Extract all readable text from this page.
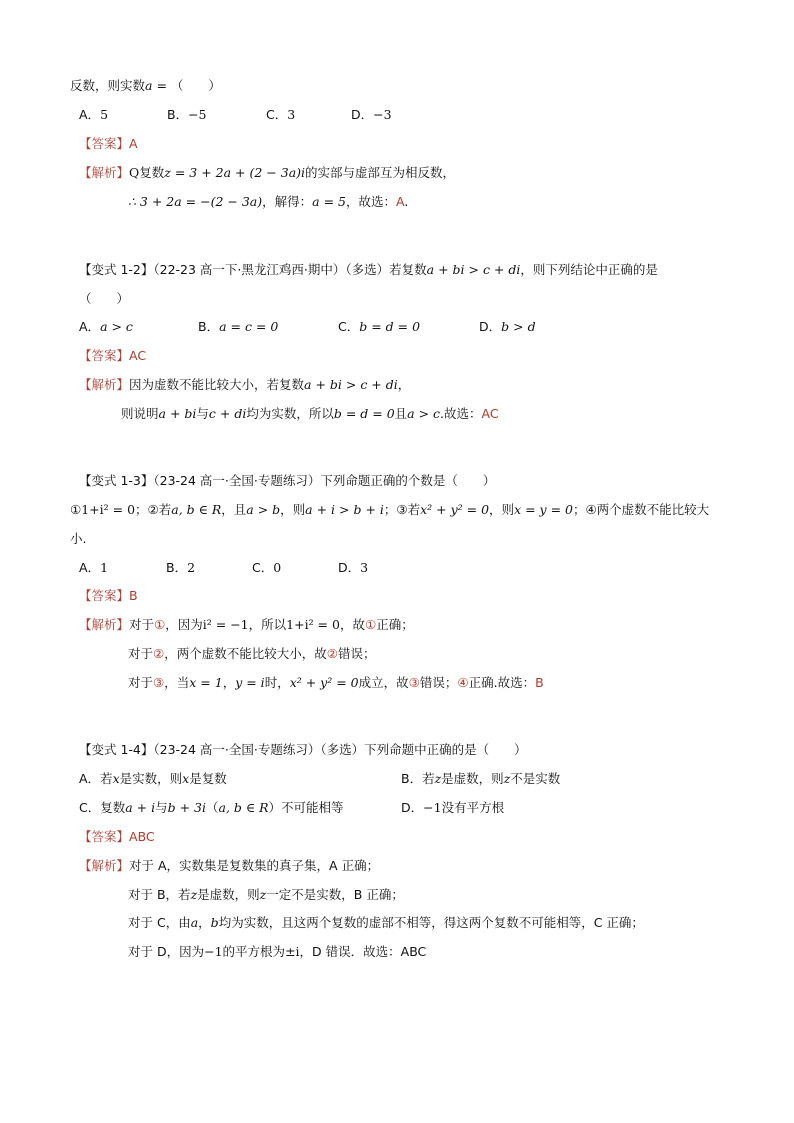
反数，则实数a = （　　）
A．5	B．−5	C．3	D．−3
【答案】A
【解析】Q复数z = 3 + 2a + (2 − 3a)i的实部与虚部互为相反数，
∴ 3 + 2a = −(2 − 3a)，解得：a = 5，故选：A.
【变式 1-2】（22-23 高一下·黑龙江鸡西·期中）（多选）若复数a + bi > c + di，则下列结论中正确的是
（　　）
A．a > c	B．a = c = 0	C．b = d = 0	D．b > d
【答案】AC
【解析】因为虚数不能比较大小，若复数a + bi > c + di，
则说明a + bi与c + di均为实数，所以b = d = 0且a > c.故选：AC
【变式 1-3】（23-24 高一·全国·专题练习）下列命题正确的个数是（　　）
①1+i² = 0；②若a, b ∈ R，且a > b，则a + i > b + i；③若x² + y² = 0，则x = y = 0；④两个虚数不能比较大
小.
A．1	B．2	C．0	D．3
【答案】B
【解析】对于①，因为i² = −1，所以1+i² = 0，故①正确；
对于②，两个虚数不能比较大小，故②错误；
对于③，当x = 1，y = i时，x² + y² = 0成立，故③错误；④正确.故选：B
【变式 1-4】（23-24 高一·全国·专题练习）（多选）下列命题中正确的是（　　）
A．若x是实数，则x是复数	B．若z是虚数，则z不是实数
C．复数a + i与b + 3i（a, b ∈ R）不可能相等	D．−1没有平方根
【答案】ABC
【解析】对于 A，实数集是复数集的真子集，A 正确；
对于 B，若z是虚数，则z一定不是实数，B 正确；
对于 C，由a，b均为实数，且这两个复数的虚部不相等，得这两个复数不可能相等，C 正确；
对于 D，因为−1的平方根为±i，D 错误．故选：ABC
